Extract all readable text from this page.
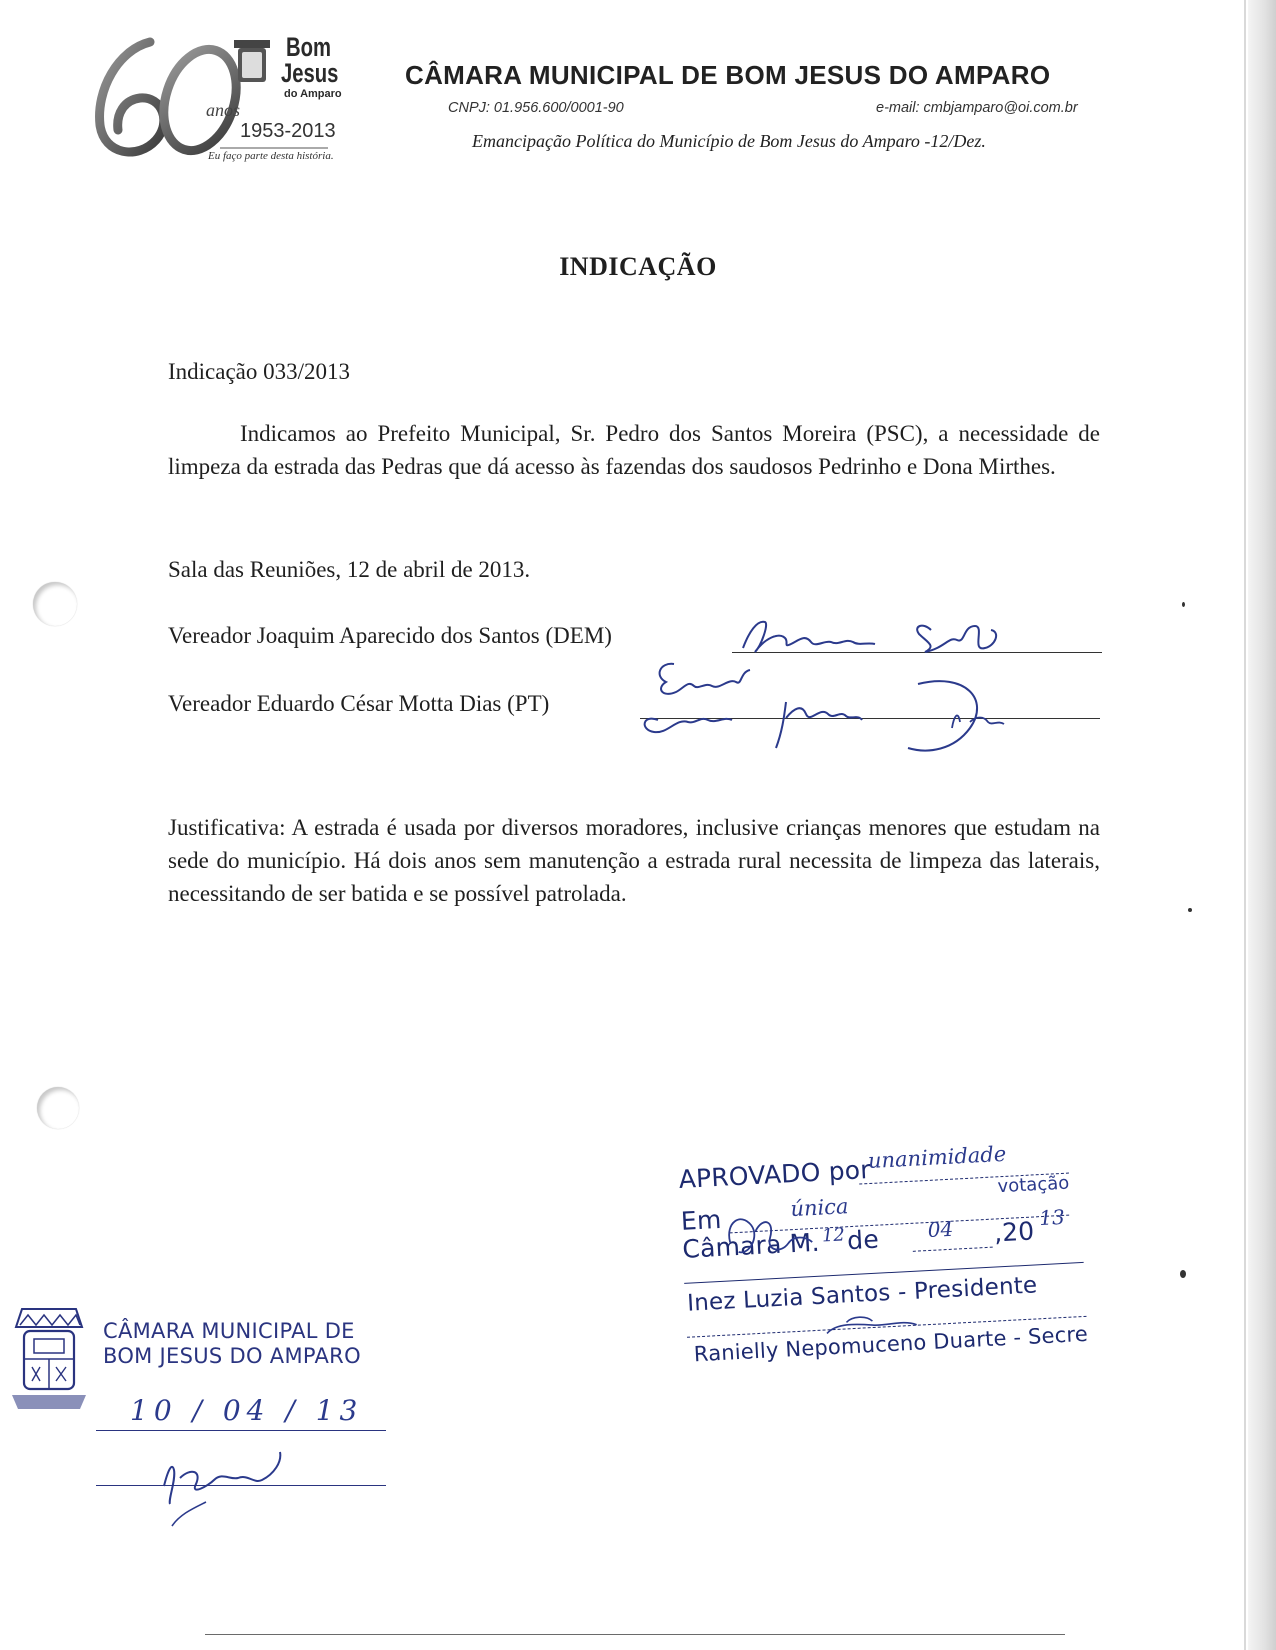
Bom
Jesus
do Amparo
anos
1953-2013
Eu faço parte desta história.
CÂMARA MUNICIPAL DE BOM JESUS DO AMPARO
CNPJ: 01.956.600/0001-90	e-mail: cmbjamparo@oi.com.br
Emancipação Política do Município de Bom Jesus do Amparo -12/Dez.
INDICAÇÃO
Indicação 033/2013
Indicamos ao Prefeito Municipal, Sr. Pedro dos Santos Moreira (PSC), a necessidade de limpeza da estrada das Pedras que dá acesso às fazendas dos saudosos Pedrinho e Dona Mirthes.
Sala das Reuniões, 12 de abril de 2013.
Vereador Joaquim Aparecido dos Santos (DEM)
Vereador Eduardo César Motta Dias (PT)
Justificativa: A estrada é usada por diversos moradores, inclusive crianças menores que estudam na sede do município. Há dois anos sem manutenção a estrada rural necessita de limpeza das laterais, necessitando de ser batida e se possível patrolada.
APROVADO por
unanimidade
Em	única
votação
Câmara M. 12 de 04 ,20 13
Inez Luzia Santos - Presidente
Ranielly Nepomuceno Duarte - Secre
CÂMARA MUNICIPAL DE
BOM JESUS DO AMPARO
10 / 04 / 13
